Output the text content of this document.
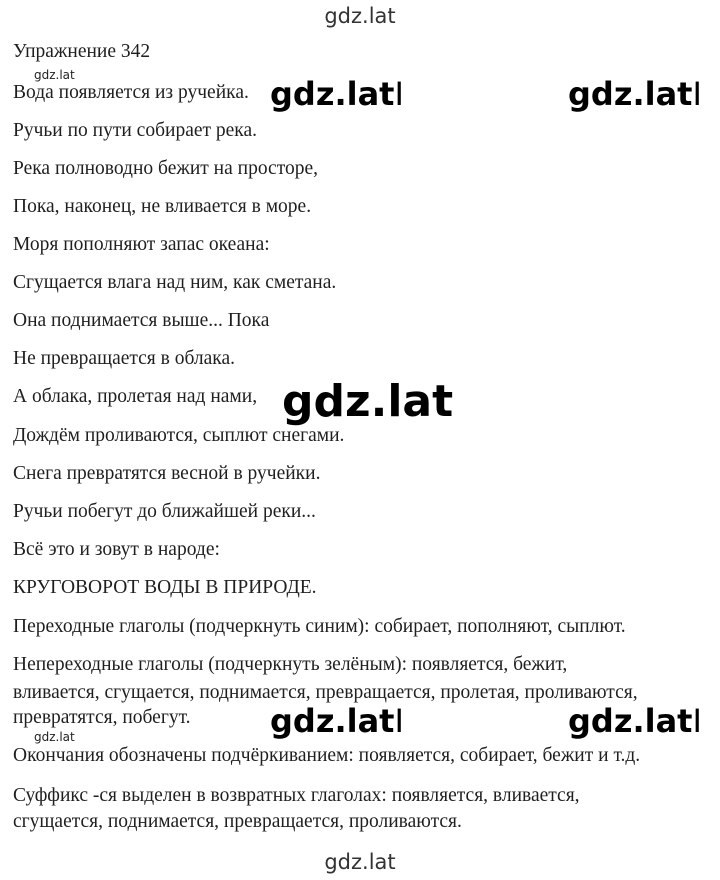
gdz.lat
Упражнение 342
gdz.lat
Вода появляется из ручейка.
Ручьи по пути собирает река.
Река полноводно бежит на просторе,
Пока, наконец, не вливается в море.
Моря пополняют запас океана:
Сгущается влага над ним, как сметана.
Она поднимается выше... Пока
Не превращается в облака.
А облака, пролетая над нами,
Дождём проливаются, сыплют снегами.
Снега превратятся весной в ручейки.
Ручьи побегут до ближайшей реки...
Всё это и зовут в народе:
КРУГОВОРОТ ВОДЫ В ПРИРОДЕ.
Переходные глаголы (подчеркнуть синим): собирает, пополняют, сыплют.
Непереходные глаголы (подчеркнуть зелёным): появляется, бежит,
вливается, сгущается, поднимается, превращается, пролетая, проливаются,
превратятся, побегут.
gdz.lat
Окончания обозначены подчёркиванием: появляется, собирает, бежит и т.д.
Суффикс -ся выделен в возвратных глаголах: появляется, вливается,
сгущается, поднимается, превращается, проливаются.
gdz.latI	gdz.latI
gdz.lat
gdz.latI	gdz.latI
gdz.lat
